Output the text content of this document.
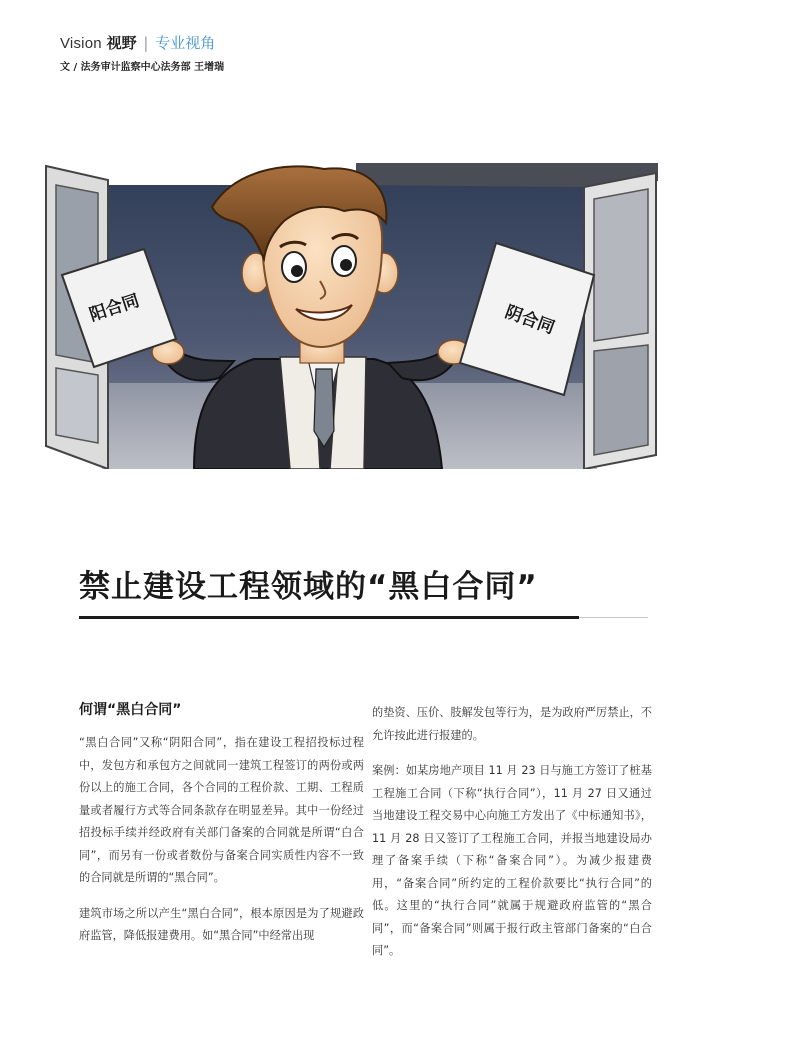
Vision 视野 | 专业视角
文 / 法务审计监察中心法务部 王增瑞
阳合同	阴合同
禁止建设工程领域的“黑白合同”
何谓“黑白合同”

“黑白合同”又称“阴阳合同”，指在建设工程招投标过程中，发包方和承包方之间就同一建筑工程签订的两份或两份以上的施工合同，各个合同的工程价款、工期、工程质量或者履行方式等合同条款存在明显差异。其中一份经过招投标手续并经政府有关部门备案的合同就是所谓“白合同”，而另有一份或者数份与备案合同实质性内容不一致的合同就是所谓的“黑合同”。

建筑市场之所以产生“黑白合同”，根本原因是为了规避政府监管，降低报建费用。如“黑合同”中经常出现

的垫资、压价、肢解发包等行为，是为政府严厉禁止，不允许按此进行报建的。

案例：如某房地产项目 11 月 23 日与施工方签订了桩基工程施工合同（下称“执行合同”），11 月 27 日又通过当地建设工程交易中心向施工方发出了《中标通知书》，11 月 28 日又签订了工程施工合同，并报当地建设局办理了备案手续（下称“备案合同”）。为减少报建费用，“备案合同”所约定的工程价款要比“执行合同”的低。这里的“执行合同”就属于规避政府监管的“黑合同”，而“备案合同”则属于报行政主管部门备案的“白合同”。
